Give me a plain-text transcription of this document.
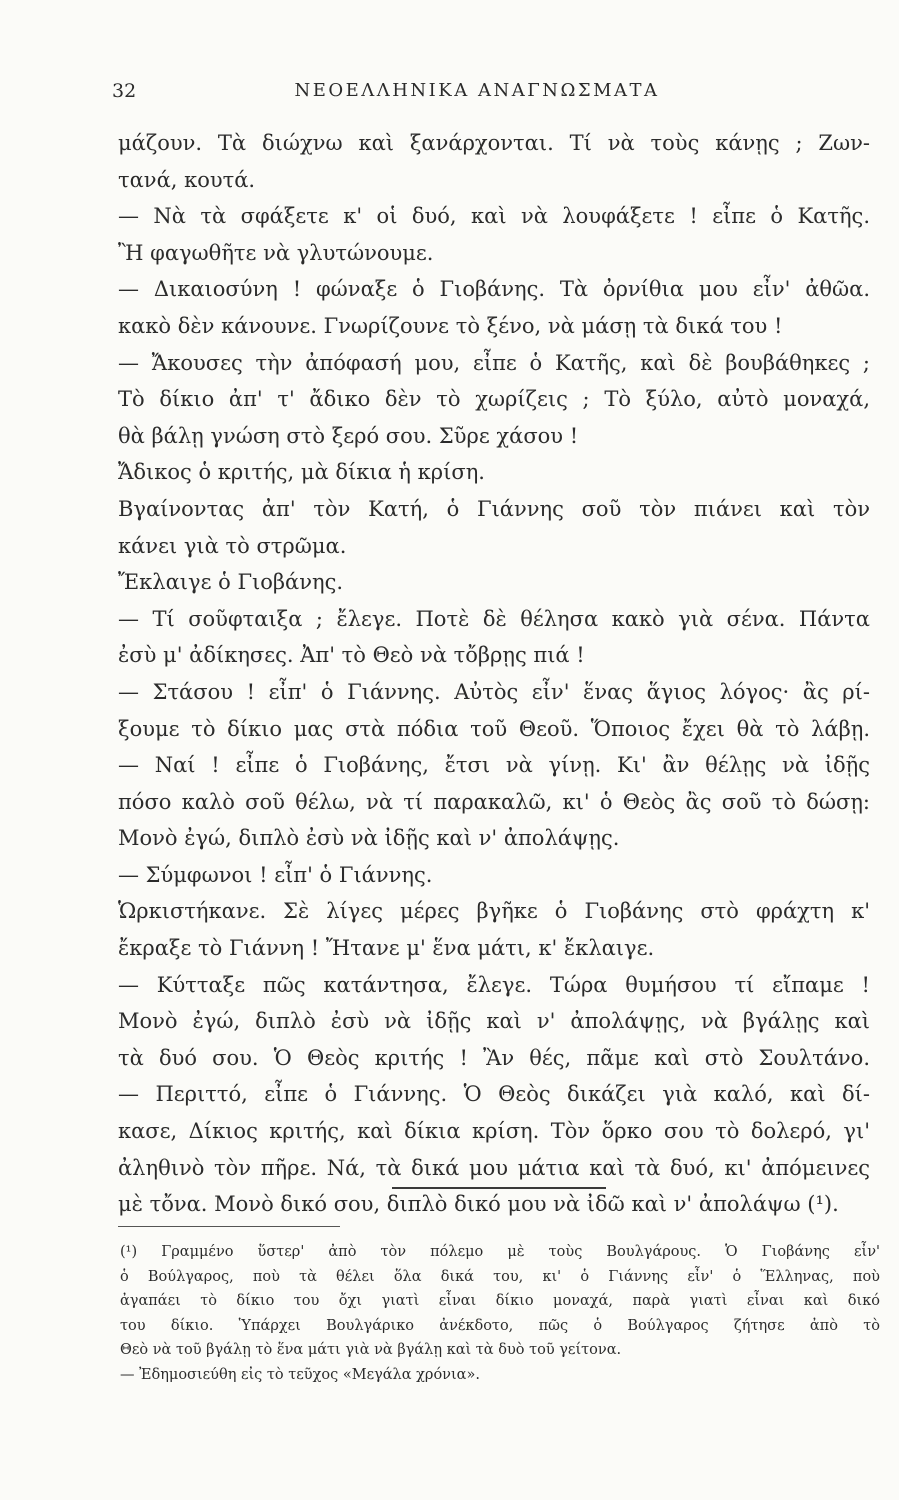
32	ΝΕΟΕΛΛΗΝΙΚΑ ΑΝΑΓΝΩΣΜΑΤΑ
μάζουν. Τὰ διώχνω καὶ ξανάρχονται. Τί νὰ τοὺς κάνῃς ; Ζων-
τανά, κουτά.
— Νὰ τὰ σφάξετε κ' οἱ δυό, καὶ νὰ λουφάξετε ! εἶπε ὁ Κατῆς.
Ἢ φαγωθῆτε νὰ γλυτώνουμε.
— Δικαιοσύνη ! φώναξε ὁ Γιοβάνης. Τὰ ὀρνίθια μου εἶν' ἀθῶα.
κακὸ δὲν κάνουνε. Γνωρίζουνε τὸ ξένο, νὰ μάσῃ τὰ δικά του !
— Ἄκουσες τὴν ἀπόφασή μου, εἶπε ὁ Κατῆς, καὶ δὲ βουβάθηκες ;
Τὸ δίκιο ἀπ' τ' ἄδικο δὲν τὸ χωρίζεις ; Τὸ ξύλο, αὐτὸ μοναχά,
θὰ βάλῃ γνώση στὸ ξερό σου. Σῦρε χάσου !
Ἄδικος ὁ κριτής, μὰ δίκια ἡ κρίση.
Βγαίνοντας ἀπ' τὸν Κατή, ὁ Γιάννης σοῦ τὸν πιάνει καὶ τὸν
κάνει γιὰ τὸ στρῶμα.
Ἔκλαιγε ὁ Γιοβάνης.
— Τί σοῦφταιξα ; ἔλεγε. Ποτὲ δὲ θέλησα κακὸ γιὰ σένα. Πάντα
ἐσὺ μ' ἀδίκησες. Ἀπ' τὸ Θεὸ νὰ τὄβρῃς πιά !
— Στάσου ! εἶπ' ὁ Γιάννης. Αὐτὸς εἶν' ἕνας ἅγιος λόγος· ἂς ρί-
ξουμε τὸ δίκιο μας στὰ πόδια τοῦ Θεοῦ. Ὅποιος ἔχει θὰ τὸ λάβῃ.
— Ναί ! εἶπε ὁ Γιοβάνης, ἔτσι νὰ γίνῃ. Κι' ἂν θέλῃς νὰ ἰδῇς
πόσο καλὸ σοῦ θέλω, νὰ τί παρακαλῶ, κι' ὁ Θεὸς ἂς σοῦ τὸ δώσῃ:
Μονὸ ἐγώ, διπλὸ ἐσὺ νὰ ἰδῇς καὶ ν' ἀπολάψῃς.
— Σύμφωνοι ! εἶπ' ὁ Γιάννης.
Ὡρκιστήκανε. Σὲ λίγες μέρες βγῆκε ὁ Γιοβάνης στὸ φράχτη κ'
ἔκραξε τὸ Γιάννη ! Ἤτανε μ' ἕνα μάτι, κ' ἔκλαιγε.
— Κύτταξε πῶς κατάντησα, ἔλεγε. Τώρα θυμήσου τί εἴπαμε !
Μονὸ ἐγώ, διπλὸ ἐσὺ νὰ ἰδῇς καὶ ν' ἀπολάψῃς, νὰ βγάλῃς καὶ
τὰ δυό σου. Ὁ Θεὸς κριτής ! Ἂν θές, πᾶμε καὶ στὸ Σουλτάνο.
— Περιττό, εἶπε ὁ Γιάννης. Ὁ Θεὸς δικάζει γιὰ καλό, καὶ δί-
κασε, Δίκιος κριτής, καὶ δίκια κρίση. Τὸν ὅρκο σου τὸ δολερό, γι'
ἀληθινὸ τὸν πῆρε. Νά, τὰ δικά μου μάτια καὶ τὰ δυό, κι' ἀπόμεινες
μὲ τὄνα. Μονὸ δικό σου, διπλὸ δικό μου νὰ ἰδῶ καὶ ν' ἀπολάψω (¹).
(¹) Γραμμένο ὕστερ' ἀπὸ τὸν πόλεμο μὲ τοὺς Βουλγάρους. Ὁ Γιοβάνης εἶν'
ὁ Βούλγαρος, ποὺ τὰ θέλει ὅλα δικά του, κι' ὁ Γιάννης εἶν' ὁ Ἕλληνας, ποὺ
ἀγαπάει τὸ δίκιο του ὄχι γιατὶ εἶναι δίκιο μοναχά, παρὰ γιατὶ εἶναι καὶ δικό
του δίκιο. Ὑπάρχει Βουλγάρικο ἀνέκδοτο, πῶς ὁ Βούλγαρος ζήτησε ἀπὸ τὸ
Θεὸ νὰ τοῦ βγάλῃ τὸ ἕνα μάτι γιὰ νὰ βγάλῃ καὶ τὰ δυὸ τοῦ γείτονα.
— Ἐδημοσιεύθη εἰς τὸ τεῦχος «Μεγάλα χρόνια».
